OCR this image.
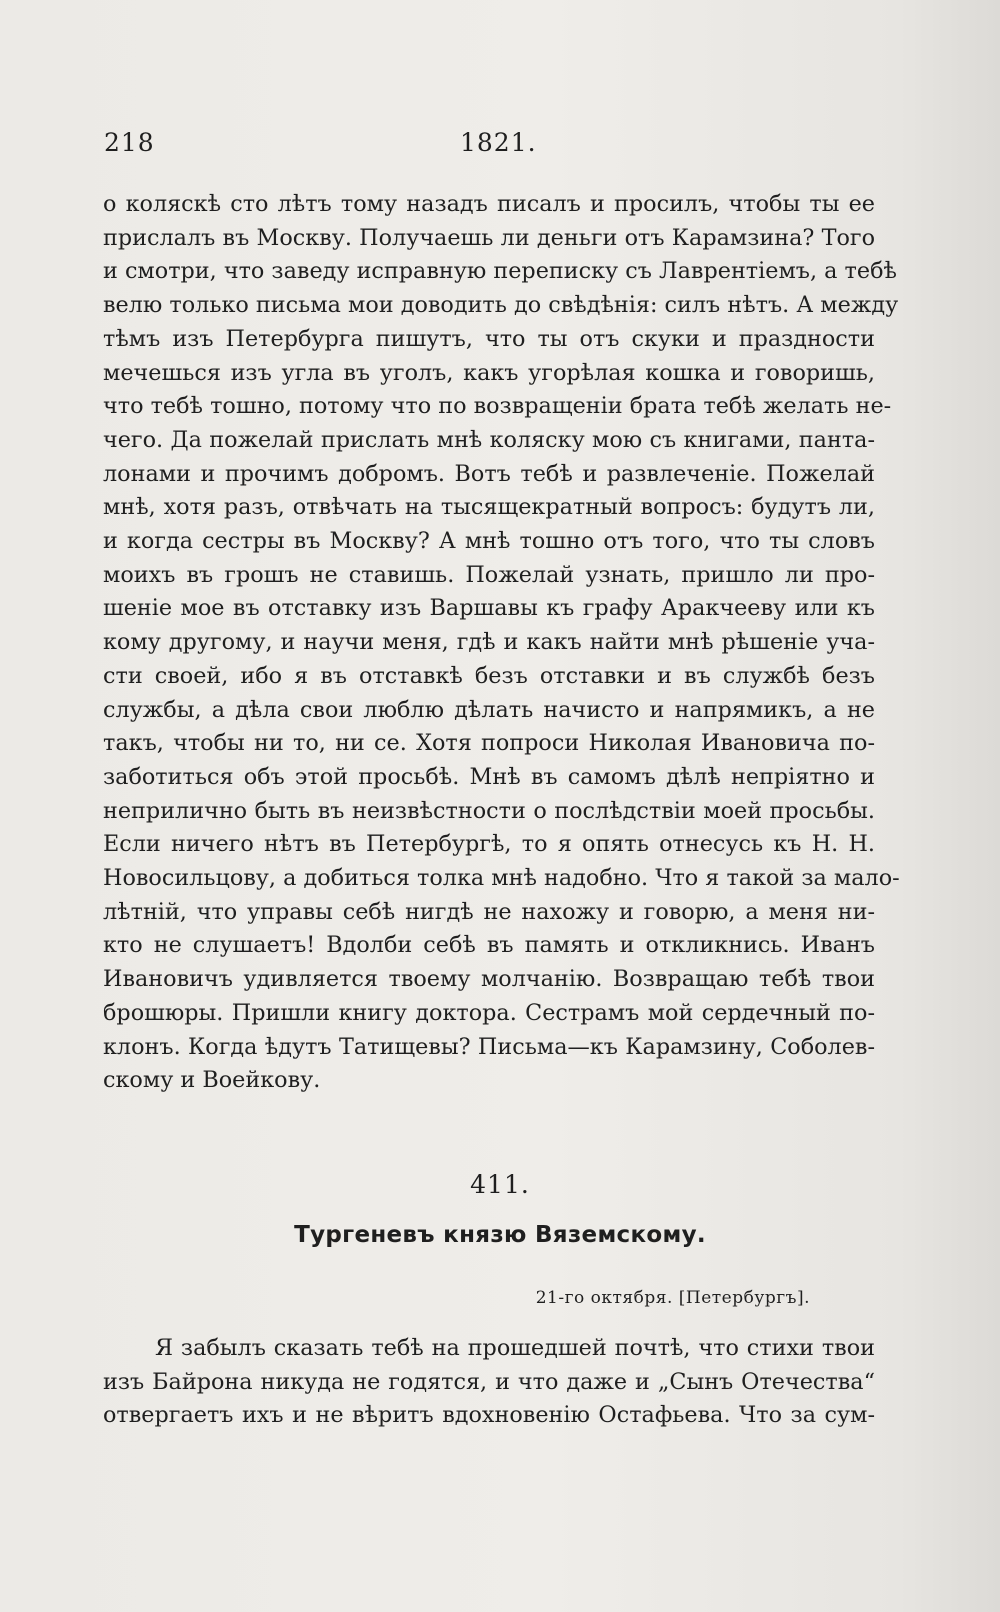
218	1821.
о коляскѣ сто лѣтъ тому назадъ писалъ и просилъ, чтобы ты ее
прислалъ въ Москву. Получаешь ли деньги отъ Карамзина? Того
и смотри, что заведу исправную переписку съ Лаврентіемъ, а тебѣ
велю только письма мои доводить до свѣдѣнія: силъ нѣтъ. А между
тѣмъ изъ Петербурга пишутъ, что ты отъ скуки и праздности
мечешься изъ угла въ уголъ, какъ угорѣлая кошка и говоришь,
что тебѣ тошно, потому что по возвращеніи брата тебѣ желать не-
чего. Да пожелай прислать мнѣ коляску мою съ книгами, панта-
лонами и прочимъ добромъ. Вотъ тебѣ и развлеченіе. Пожелай
мнѣ, хотя разъ, отвѣчать на тысящекратный вопросъ: будутъ ли,
и когда сестры въ Москву? А мнѣ тошно отъ того, что ты словъ
моихъ въ грошъ не ставишь. Пожелай узнать, пришло ли про-
шеніе мое въ отставку изъ Варшавы къ графу Аракчееву или къ
кому другому, и научи меня, гдѣ и какъ найти мнѣ рѣшеніе уча-
сти своей, ибо я въ отставкѣ безъ отставки и въ службѣ безъ
службы, а дѣла свои люблю дѣлать начисто и напрямикъ, а не
такъ, чтобы ни то, ни се. Хотя попроси Николая Ивановича по-
заботиться объ этой просьбѣ. Мнѣ въ самомъ дѣлѣ непріятно и
неприлично быть въ неизвѣстности о послѣдствіи моей просьбы.
Если ничего нѣтъ въ Петербургѣ, то я опять отнесусь къ Н. Н.
Новосильцову, а добиться толка мнѣ надобно. Что я такой за мало-
лѣтній, что управы себѣ нигдѣ не нахожу и говорю, а меня ни-
кто не слушаетъ! Вдолби себѣ въ память и откликнись. Иванъ
Ивановичъ удивляется твоему молчанію. Возвращаю тебѣ твои
брошюры. Пришли книгу доктора. Сестрамъ мой сердечный по-
клонъ. Когда ѣдутъ Татищевы? Письма—къ Карамзину, Соболев-
скому и Воейкову.
411.
Тургеневъ князю Вяземскому.
21-го октября. [Петербургъ].
Я забылъ сказать тебѣ на прошедшей почтѣ, что стихи твои
изъ Байрона никуда не годятся, и что даже и „Сынъ Отечества“
отвергаетъ ихъ и не вѣритъ вдохновенію Остафьева. Что за сум-
